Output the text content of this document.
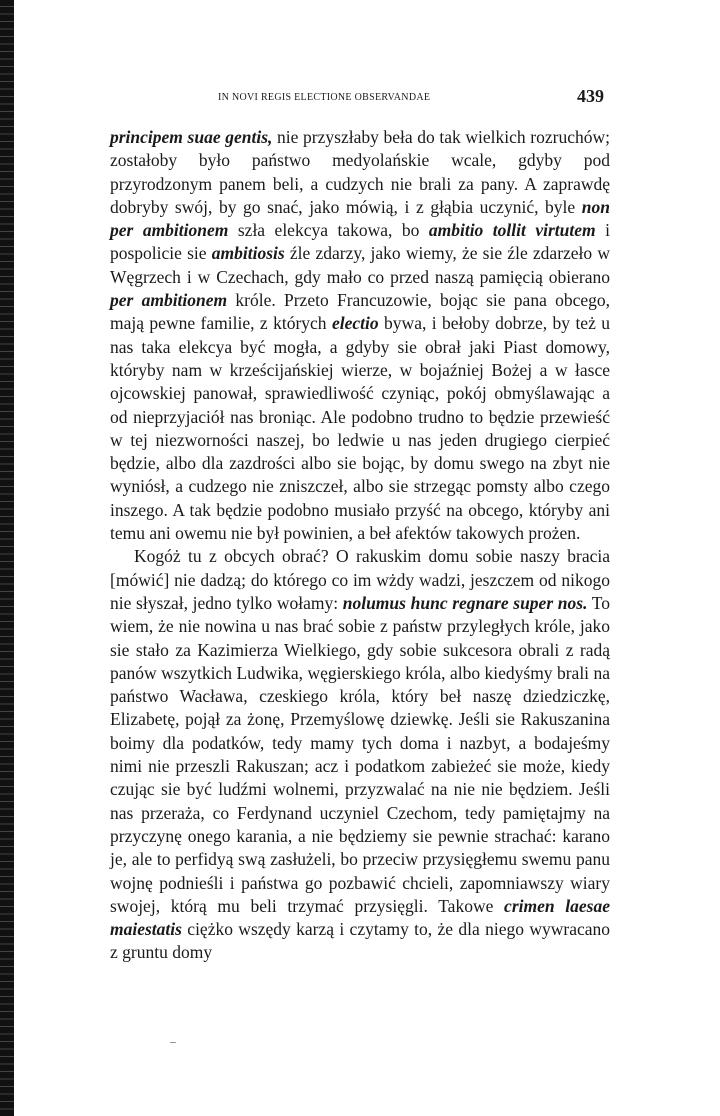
IN NOVI REGIS ELECTIONE OBSERVANDAE	439

principem suae gentis, nie przyszłaby beła do tak wielkich rozruchów; zostałoby było państwo medyolańskie wcale, gdyby pod przyrodzonym panem beli, a cudzych nie brali za pany. A zaprawdę dobryby swój, by go snać, jako mówią, i z głąbia uczynić, byle non per ambitionem szła elekcya takowa, bo ambitio tollit virtutem i pospolicie sie ambitiosis źle zdarzy, jako wiemy, że sie źle zdarzeło w Węgrzech i w Czechach, gdy mało co przed naszą pamięcią obierano per ambitionem króle. Przeto Francuzowie, bojąc sie pana obcego, mają pewne familie, z których electio bywa, i bełoby dobrze, by też u nas taka elekcya być mogła, a gdyby sie obrał jaki Piast domowy, któryby nam w krześcijańskiej wierze, w bojaźniej Bożej a w łasce ojcowskiej panował, sprawiedliwość czyniąc, pokój obmyślawając a od nieprzyjaciół nas broniąc. Ale podobno trudno to będzie przewieść w tej niezworności naszej, bo ledwie u nas jeden drugiego cierpieć będzie, albo dla zazdrości albo sie bojąc, by domu swego na zbyt nie wyniósł, a cudzego nie zniszczeł, albo sie strzegąc pomsty albo czego inszego. A tak będzie podobno musiało przyść na obcego, któryby ani temu ani owemu nie był powinien, a beł afektów takowych prożen.

Kogóż tu z obcych obrać? O rakuskim domu sobie naszy bracia [mówić] nie dadzą; do którego co im wżdy wadzi, jeszczem od nikogo nie słyszał, jedno tylko wołamy: nolumus hunc regnare super nos. To wiem, że nie nowina u nas brać sobie z państw przyległych króle, jako sie stało za Kazimierza Wielkiego, gdy sobie sukcesora obrali z radą panów wszytkich Ludwika, węgierskiego króla, albo kiedyśmy brali na państwo Wacława, czeskiego króla, który beł naszę dziedziczkę, Elizabetę, pojął za żonę, Przemyślowę dziewkę. Jeśli sie Rakuszanina boimy dla podatków, tedy mamy tych doma i nazbyt, a bodajeśmy nimi nie przeszli Rakuszan; acz i podatkom zabieżeć sie może, kiedy czując sie być ludźmi wolnemi, przyzwalać na nie nie będziem. Jeśli nas przeraża, co Ferdynand uczyniel Czechom, tedy pamiętajmy na przyczynę onego karania, a nie będziemy sie pewnie strachać: karano je, ale to perfidyą swą zasłużeli, bo przeciw przysięgłemu swemu panu wojnę podnieśli i państwa go pozbawić chcieli, zapomniawszy wiary swojej, którą mu beli trzymać przysięgli. Takowe crimen laesae maiestatis ciężko wszędy karzą i czytamy to, że dla niego wywracano z gruntu domy
